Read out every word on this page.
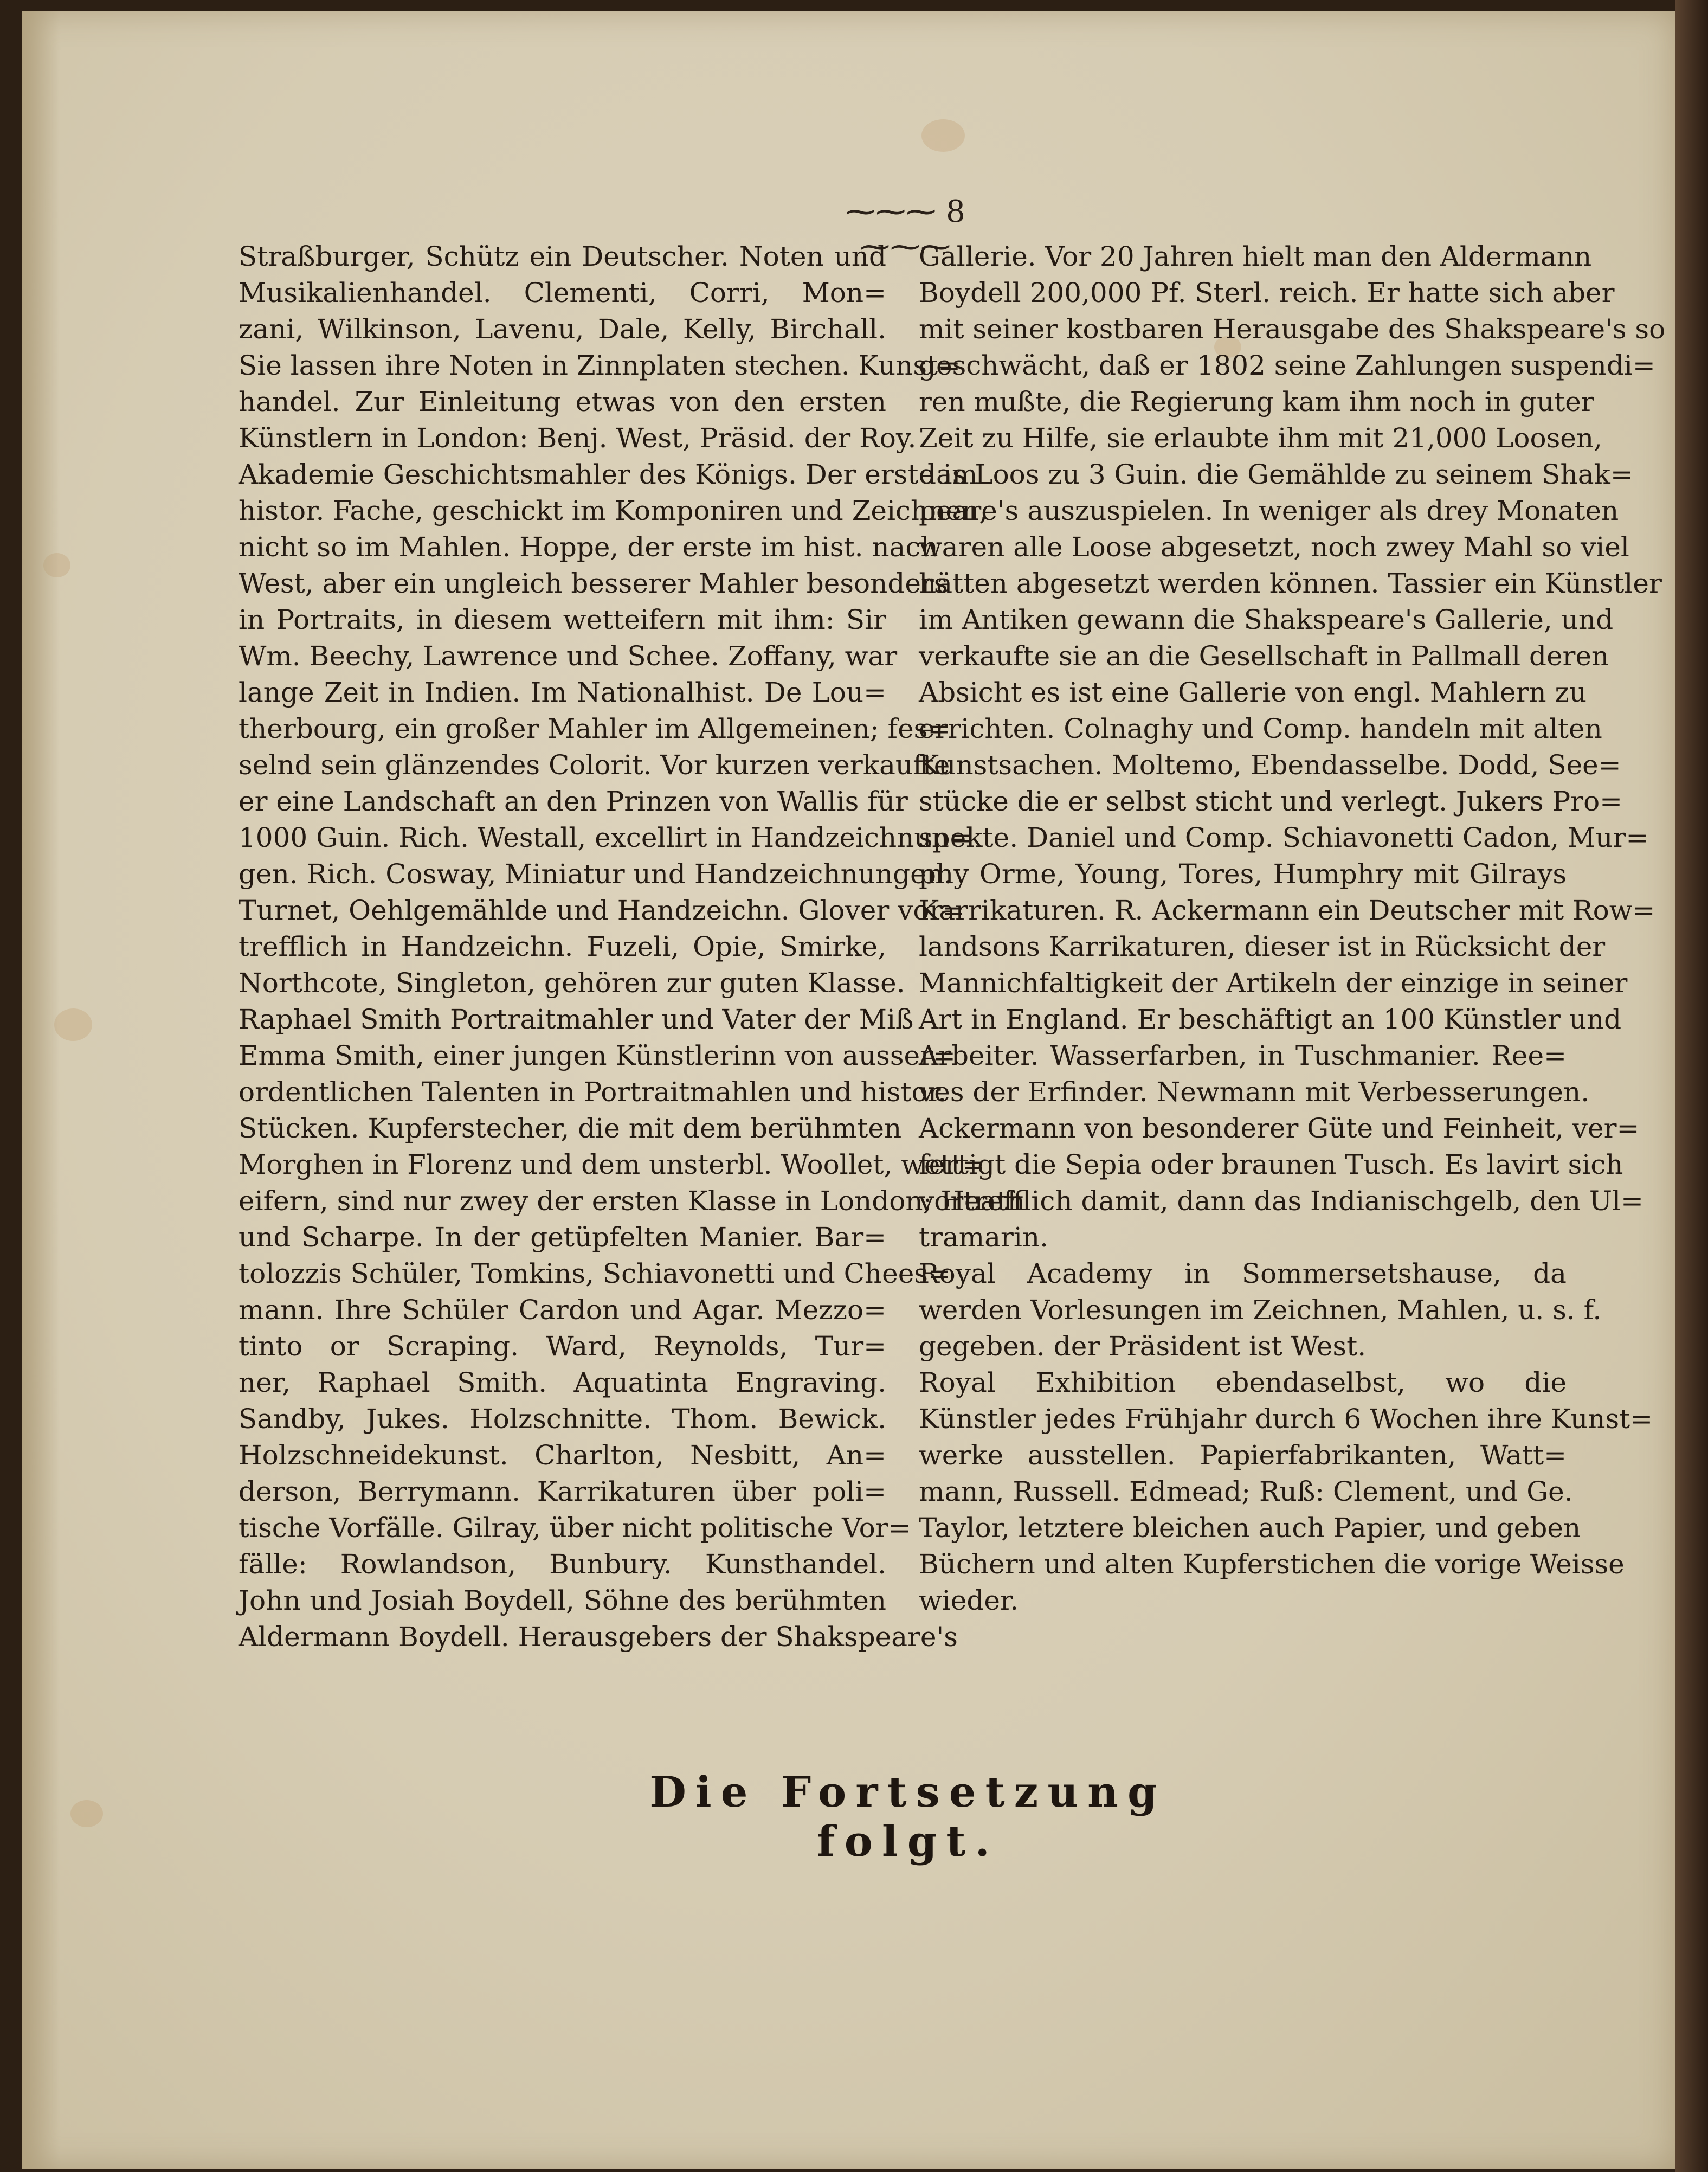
⁓⁓⁓ 8 ⁓⁓⁓
Straßburger, Schütz ein Deutscher. Noten und
Musikalienhandel. Clementi, Corri, Mon=
zani, Wilkinson, Lavenu, Dale, Kelly, Birchall.
Sie lassen ihre Noten in Zinnplaten stechen. Kunst=
handel. Zur Einleitung etwas von den ersten
Künstlern in London: Benj. West, Präsid. der Roy.
Akademie Geschichtsmahler des Königs. Der erste im
histor. Fache, geschickt im Komponiren und Zeichnen,
nicht so im Mahlen. Hoppe, der erste im hist. nach
West, aber ein ungleich besserer Mahler besonders
in Portraits, in diesem wetteifern mit ihm: Sir
Wm. Beechy, Lawrence und Schee. Zoffany, war
lange Zeit in Indien. Im Nationalhist. De Lou=
therbourg, ein großer Mahler im Allgemeinen; fes=
selnd sein glänzendes Colorit. Vor kurzen verkaufte
er eine Landschaft an den Prinzen von Wallis für
1000 Guin. Rich. Westall, excellirt in Handzeichnun=
gen. Rich. Cosway, Miniatur und Handzeichnungen.
Turnet, Oehlgemählde und Handzeichn. Glover vor=
trefflich in Handzeichn. Fuzeli, Opie, Smirke,
Northcote, Singleton, gehören zur guten Klasse.
Raphael Smith Portraitmahler und Vater der Miß
Emma Smith, einer jungen Künstlerinn von ausser=
ordentlichen Talenten in Portraitmahlen und histor.
Stücken. Kupferstecher, die mit dem berühmten
Morghen in Florenz und dem unsterbl. Woollet, wett=
eifern, sind nur zwey der ersten Klasse in London; Heath
und Scharpe. In der getüpfelten Manier. Bar=
tolozzis Schüler, Tomkins, Schiavonetti und Chees=
mann. Ihre Schüler Cardon und Agar. Mezzo=
tinto or Scraping. Ward, Reynolds, Tur=
ner, Raphael Smith. Aquatinta Engraving.
Sandby, Jukes. Holzschnitte. Thom. Bewick.
Holzschneidekunst. Charlton, Nesbitt, An=
derson, Berrymann. Karrikaturen über poli=
tische Vorfälle. Gilray, über nicht politische Vor=
fälle: Rowlandson, Bunbury. Kunsthandel.
John und Josiah Boydell, Söhne des berühmten
Aldermann Boydell. Herausgebers der Shakspeare's
Gallerie. Vor 20 Jahren hielt man den Aldermann
Boydell 200,000 Pf. Sterl. reich. Er hatte sich aber
mit seiner kostbaren Herausgabe des Shakspeare's so
geschwächt, daß er 1802 seine Zahlungen suspendi=
ren mußte, die Regierung kam ihm noch in guter
Zeit zu Hilfe, sie erlaubte ihm mit 21,000 Loosen,
das Loos zu 3 Guin. die Gemählde zu seinem Shak=
peare's auszuspielen. In weniger als drey Monaten
waren alle Loose abgesetzt, noch zwey Mahl so viel
hätten abgesetzt werden können. Tassier ein Künstler
im Antiken gewann die Shakspeare's Gallerie, und
verkaufte sie an die Gesellschaft in Pallmall deren
Absicht es ist eine Gallerie von engl. Mahlern zu
errichten. Colnaghy und Comp. handeln mit alten
Kunstsachen. Moltemo, Ebendasselbe. Dodd, See=
stücke die er selbst sticht und verlegt. Jukers Pro=
spekte. Daniel und Comp. Schiavonetti Cadon, Mur=
phy Orme, Young, Tores, Humphry mit Gilrays
Karrikaturen. R. Ackermann ein Deutscher mit Row=
landsons Karrikaturen, dieser ist in Rücksicht der
Mannichfaltigkeit der Artikeln der einzige in seiner
Art in England. Er beschäftigt an 100 Künstler und
Arbeiter. Wasserfarben, in Tuschmanier. Ree=
ves der Erfinder. Newmann mit Verbesserungen.
Ackermann von besonderer Güte und Feinheit, ver=
fertigt die Sepia oder braunen Tusch. Es lavirt sich
vortrefflich damit, dann das Indianischgelb, den Ul=
tramarin.
Royal Academy in Sommersetshause, da
werden Vorlesungen im Zeichnen, Mahlen, u. s. f.
gegeben. der Präsident ist West.
Royal Exhibition ebendaselbst, wo die
Künstler jedes Frühjahr durch 6 Wochen ihre Kunst=
werke ausstellen. Papierfabrikanten, Watt=
mann, Russell. Edmead; Ruß: Clement, und Ge.
Taylor, letztere bleichen auch Papier, und geben
Büchern und alten Kupferstichen die vorige Weisse
wieder.
Die Fortsetzung folgt.
